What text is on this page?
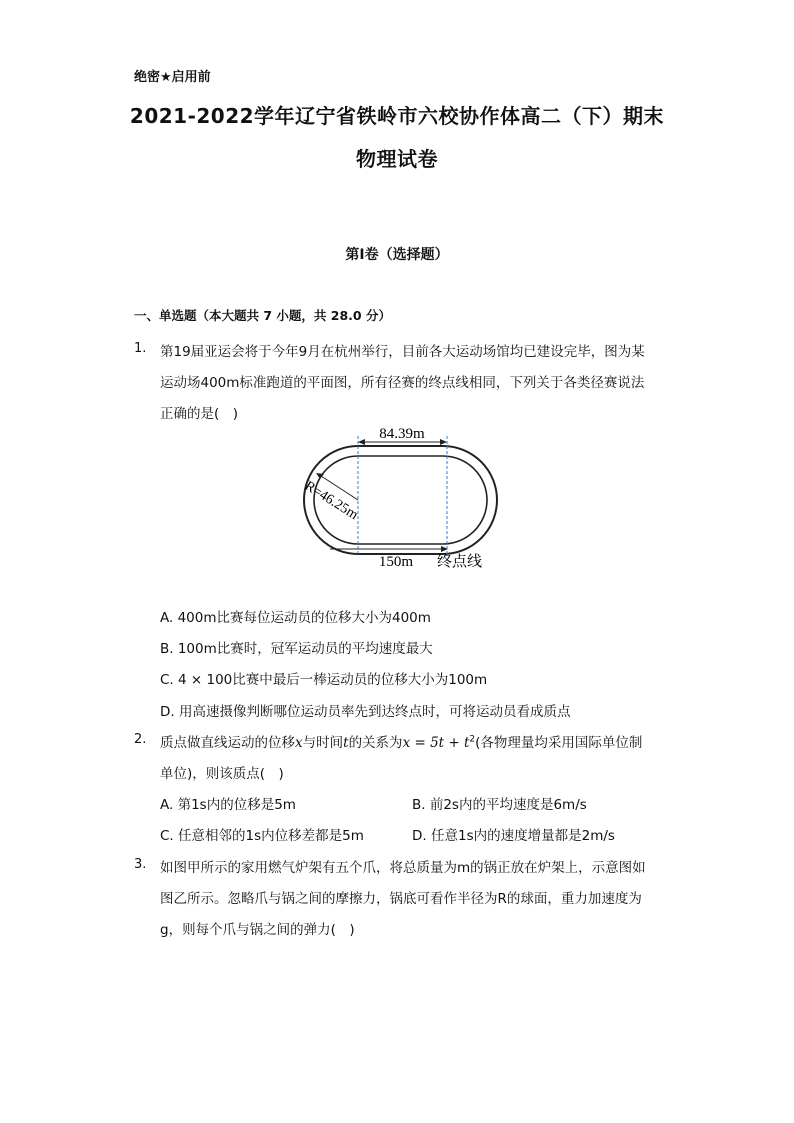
绝密★启用前
2021-2022学年辽宁省铁岭市六校协作体高二（下）期末
物理试卷
第I卷（选择题）
一、单选题（本大题共 7 小题，共 28.0 分）
1. 第19届亚运会将于今年9月在杭州举行，目前各大运动场馆均已建设完毕，图为某
运动场400m标准跑道的平面图，所有径赛的终点线相同，下列关于各类径赛说法
正确的是(　)
84.39m
R=46.25m
150m 终点线
A. 400m比赛每位运动员的位移大小为400m
B. 100m比赛时，冠军运动员的平均速度最大
C. 4 × 100比赛中最后一棒运动员的位移大小为100m
D. 用高速摄像判断哪位运动员率先到达终点时，可将运动员看成质点
2. 质点做直线运动的位移x与时间t的关系为$x = 5t + t^2$(各物理量均采用国际单位制
单位)，则该质点(　)
A. 第1s内的位移是5m	B. 前2s内的平均速度是6m/s
C. 任意相邻的1s内位移差都是5m	D. 任意1s内的速度增量都是2m/s
3. 如图甲所示的家用燃气炉架有五个爪，将总质量为m的锅正放在炉架上，示意图如
图乙所示。忽略爪与锅之间的摩擦力，锅底可看作半径为R的球面，重力加速度为
g，则每个爪与锅之间的弹力(　)
